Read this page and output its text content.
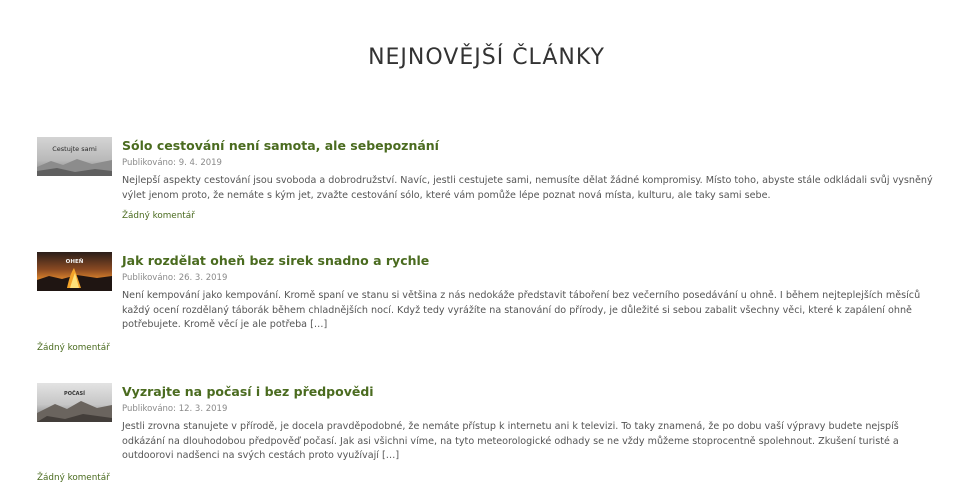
NEJNOVĚJŠÍ ČLÁNKY
Cestujte sami Sólo cestování není samota, ale sebepoznání
Publikováno: 9. 4. 2019
Nejlepší aspekty cestování jsou svoboda a dobrodružství. Navíc, jestli cestujete sami, nemusíte dělat žádné kompromisy. Místo toho, abyste stále odkládali svůj vysněný výlet jenom proto, že nemáte s kým jet, zvažte cestování sólo, které vám pomůže lépe poznat nová místa, kulturu, ale taky sami sebe.
Žádný komentář
OHEŇ	Jak rozdělat oheň bez sirek snadno a rychle
Publikováno: 26. 3. 2019
Není kempování jako kempování. Kromě spaní ve stanu si většina z nás nedokáže představit táboření bez večerního posedávání u ohně. I během nejteplejších měsíců každý ocení rozdělaný táborák během chladnějších nocí. Když tedy vyrážíte na stanování do přírody, je důležité si sebou zabalit všechny věci, které k zapálení ohně potřebujete. Kromě věcí je ale potřeba […]
Žádný komentář
POČASÍ	Vyzrajte na počasí i bez předpovědi
Publikováno: 12. 3. 2019
Jestli zrovna stanujete v přírodě, je docela pravděpodobné, že nemáte přístup k internetu ani k televizi. To taky znamená, že po dobu vaší výpravy budete nejspíš odkázání na dlouhodobou předpověď počasí. Jak asi všichni víme, na tyto meteorologické odhady se ne vždy můžeme stoprocentně spolehnout. Zkušení turisté a outdoorovi nadšenci na svých cestách proto využívají […]
Žádný komentář
